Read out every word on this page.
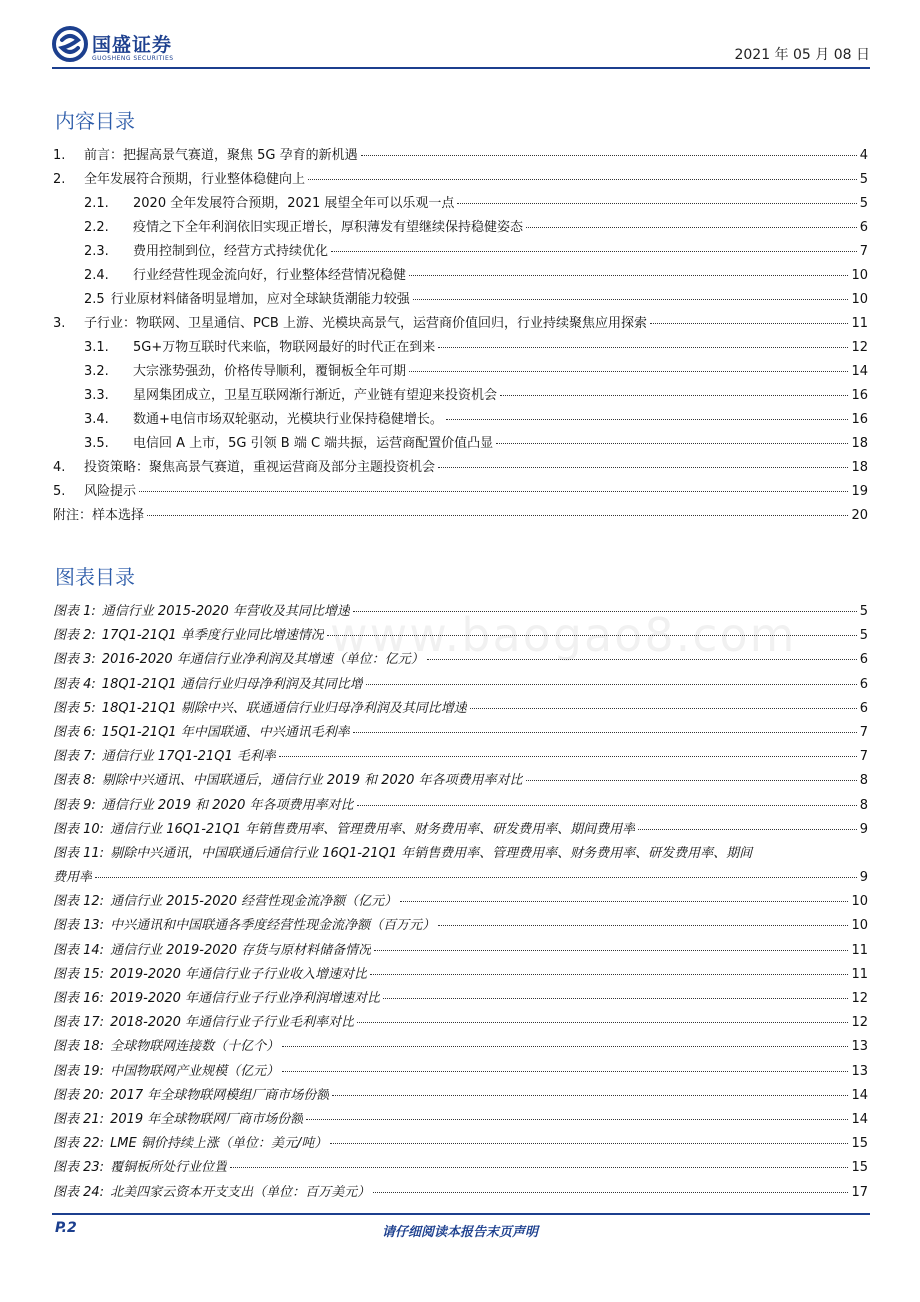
国盛证券
GUOSHENG SECURITIES	2021 年 05 月 08 日
www.baogao8.com
内容目录
1.	前言：把握高景气赛道，聚焦 5G 孕育的新机遇	4
2.	全年发展符合预期，行业整体稳健向上	5
2.1.	2020 全年发展符合预期，2021 展望全年可以乐观一点	5
2.2.	疫情之下全年利润依旧实现正增长，厚积薄发有望继续保持稳健姿态	6
2.3.	费用控制到位，经营方式持续优化	7
2.4.	行业经营性现金流向好，行业整体经营情况稳健	10
2.5 行业原材料储备明显增加，应对全球缺货潮能力较强	10
3.	子行业：物联网、卫星通信、PCB 上游、光模块高景气，运营商价值回归，行业持续聚焦应用探索	11
3.1.	5G+万物互联时代来临，物联网最好的时代正在到来	12
3.2.	大宗涨势强劲，价格传导顺利，覆铜板全年可期	14
3.3.	星网集团成立，卫星互联网渐行渐近，产业链有望迎来投资机会	16
3.4.	数通+电信市场双轮驱动，光模块行业保持稳健增长。	16
3.5.	电信回 A 上市，5G 引领 B 端 C 端共振，运营商配置价值凸显	18
4.	投资策略：聚焦高景气赛道，重视运营商及部分主题投资机会	18
5.	风险提示	19
附注： 样本选择	20
图表目录
图表 1: 通信行业 2015-2020 年营收及其同比增速	5
图表 2: 17Q1-21Q1 单季度行业同比增速情况	5
图表 3: 2016-2020 年通信行业净利润及其增速（单位：亿元）	6
图表 4: 18Q1-21Q1 通信行业归母净利润及其同比增	6
图表 5: 18Q1-21Q1 剔除中兴、联通通信行业归母净利润及其同比增速	6
图表 6: 15Q1-21Q1 年中国联通、中兴通讯毛利率	7
图表 7: 通信行业 17Q1-21Q1 毛利率	7
图表 8: 剔除中兴通讯、中国联通后，通信行业 2019 和 2020 年各项费用率对比	8
图表 9: 通信行业 2019 和 2020 年各项费用率对比	8
图表 10: 通信行业 16Q1-21Q1 年销售费用率、管理费用率、财务费用率、研发费用率、期间费用率	9
图表 11: 剔除中兴通讯，中国联通后通信行业 16Q1-21Q1 年销售费用率、管理费用率、财务费用率、研发费用率、期间
费用率	9
图表 12: 通信行业 2015-2020 经营性现金流净额（亿元）	10
图表 13: 中兴通讯和中国联通各季度经营性现金流净额（百万元）	10
图表 14: 通信行业 2019-2020 存货与原材料储备情况	11
图表 15: 2019-2020 年通信行业子行业收入增速对比	11
图表 16: 2019-2020 年通信行业子行业净利润增速对比	12
图表 17: 2018-2020 年通信行业子行业毛利率对比	12
图表 18: 全球物联网连接数（十亿个）	13
图表 19: 中国物联网产业规模（亿元）	13
图表 20: 2017 年全球物联网模组厂商市场份额	14
图表 21: 2019 年全球物联网厂商市场份额	14
图表 22: LME 铜价持续上涨（单位：美元/吨）	15
图表 23: 覆铜板所处行业位置	15
图表 24: 北美四家云资本开支支出（单位：百万美元）	17
P.2	请仔细阅读本报告末页声明
